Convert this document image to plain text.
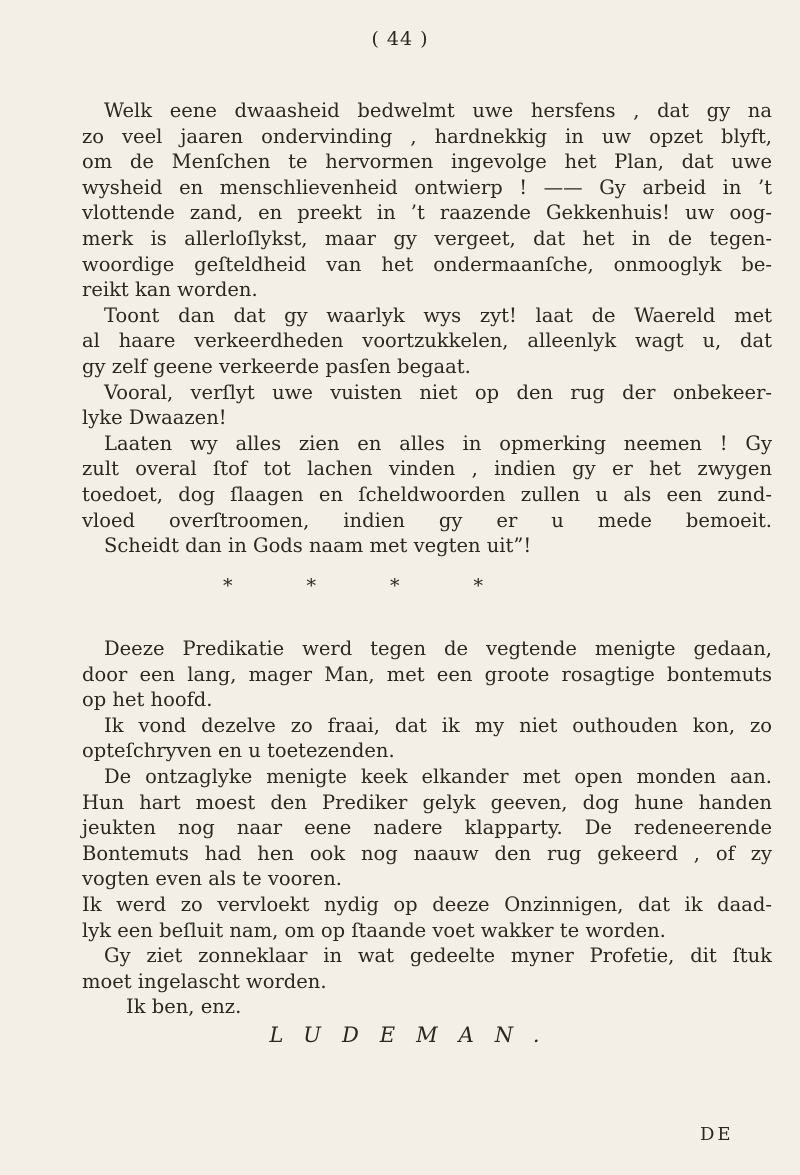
( 44 )
Welk eene dwaasheid bedwelmt uwe hersfens , dat gy na
zo veel jaaren ondervinding , hardnekkig in uw opzet blyft,
om de Menſchen te hervormen ingevolge het Plan, dat uwe
wysheid en menschlievenheid ontwierp ! —— Gy arbeid in ’t
vlottende zand, en preekt in ’t raazende Gekkenhuis! uw oog-
merk is allerloſlykst, maar gy vergeet, dat het in de tegen-
woordige geſteldheid van het ondermaanſche, onmooglyk be-
reikt kan worden.
Toont dan dat gy waarlyk wys zyt! laat de Waereld met
al haare verkeerdheden voortzukkelen, alleenlyk wagt u, dat
gy zelf geene verkeerde pasſen begaat.
Vooral, verſlyt uwe vuisten niet op den rug der onbekeer-
lyke Dwaazen!
Laaten wy alles zien en alles in opmerking neemen ! Gy
zult overal ſtof tot lachen vinden , indien gy er het zwygen
toedoet, dog ſlaagen en ſcheldwoorden zullen u als een zund-
vloed overſtroomen, indien gy er u mede bemoeit.
Scheidt dan in Gods naam met vegten uit”!
* * * *
Deeze Predikatie werd tegen de vegtende menigte gedaan,
door een lang, mager Man, met een groote rosagtige bontemuts
op het hoofd.
Ik vond dezelve zo fraai, dat ik my niet outhouden kon, zo
opteſchryven en u toetezenden.
De ontzaglyke menigte keek elkander met open monden aan.
Hun hart moest den Prediker gelyk geeven, dog hune handen
jeukten nog naar eene nadere klapparty. De redeneerende
Bontemuts had hen ook nog naauw den rug gekeerd , of zy
vogten even als te vooren.
Ik werd zo vervloekt nydig op deeze Onzinnigen, dat ik daad-
lyk een beſluit nam, om op ſtaande voet wakker te worden.
Gy ziet zonneklaar in wat gedeelte myner Profetie, dit ſtuk
moet ingelascht worden.
Ik ben, enz.
LUDEMAN.
DE
